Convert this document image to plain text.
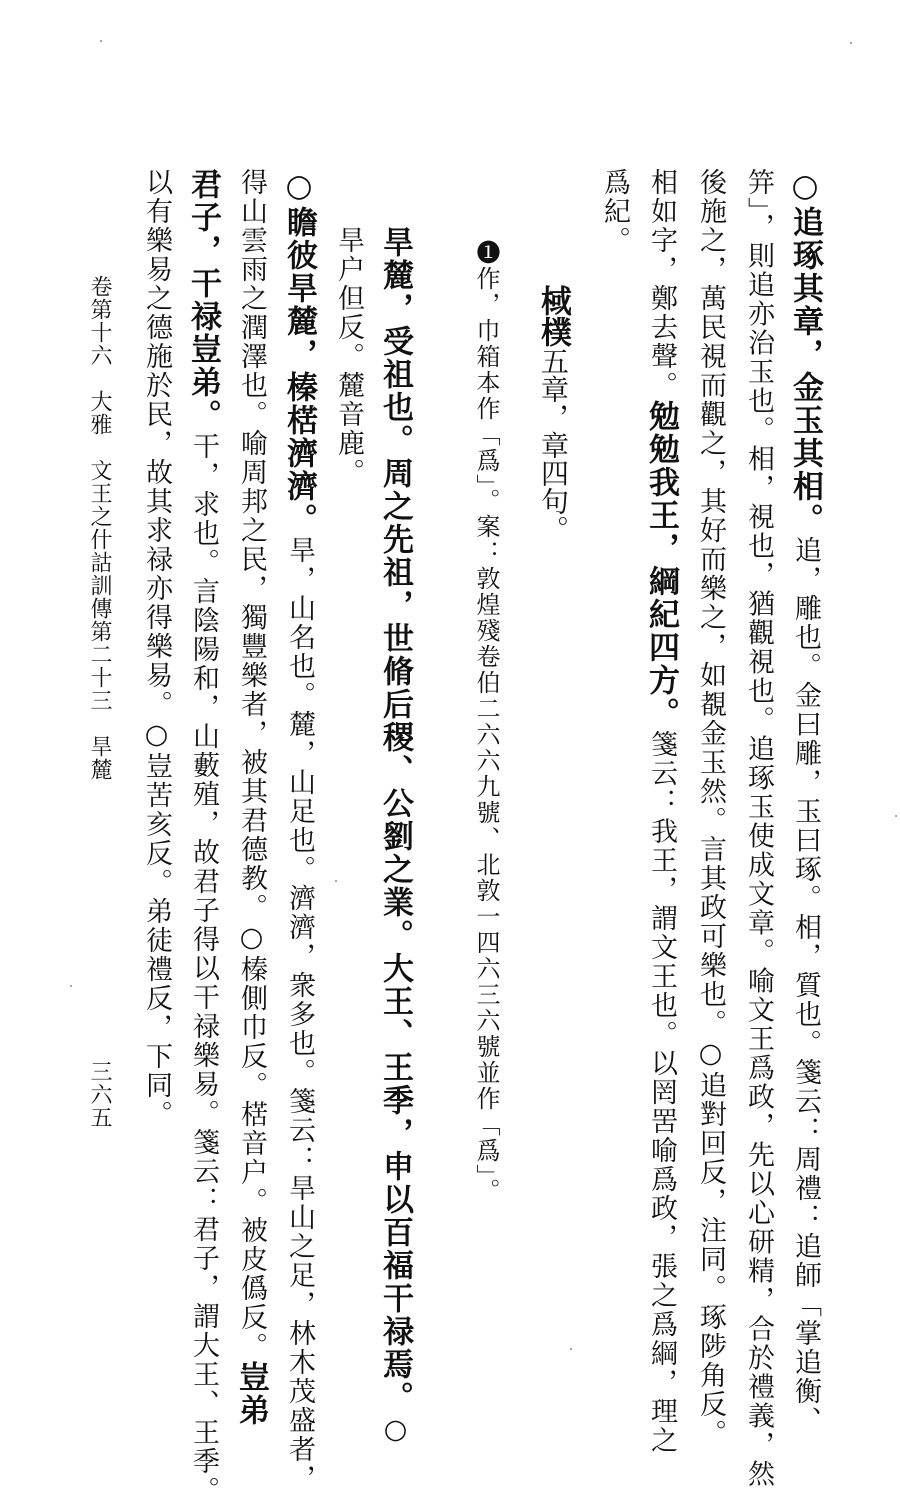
○追琢其章，金玉其相。追，雕也。金曰雕，玉曰琢。相，質也。箋云：周禮：追師「掌追衡、
笄」，則追亦治玉也。相，視也，猶觀視也。追琢玉使成文章。喻文王爲政，先以心研精，合於禮義，然
後施之，萬民視而觀之，其好而樂之，如覩金玉然。言其政可樂也。○追對回反，注同。琢陟角反。
相如字，鄭去聲。勉勉我王，綱紀四方。箋云：我王，謂文王也。以罔罟喻爲政，張之爲綱，理之
爲紀。
棫樸五章，章四句。
❶作，巾箱本作「爲」。案：敦煌殘卷伯二六六九號、北敦一四六三六號並作「爲」。
旱麓，受祖也。周之先祖，世脩后稷、公劉之業。大王、王季，申以百福干禄焉。○
旱户但反。麓音鹿。
○瞻彼旱麓，榛楛濟濟。旱，山名也。麓，山足也。濟濟，衆多也。箋云：旱山之足，林木茂盛者，
得山雲雨之潤澤也。喻周邦之民，獨豐樂者，被其君德教。○榛側巾反。楛音户。被皮僞反。豈弟
君子，干禄豈弟。干，求也。言陰陽和，山藪殖，故君子得以干禄樂易。箋云：君子，謂大王、王季。
以有樂易之德施於民，故其求禄亦得樂易。○豈苦亥反。弟徒禮反，下同。
卷第十六　大雅　文王之什詁訓傳第二十三　旱麓
三六五
